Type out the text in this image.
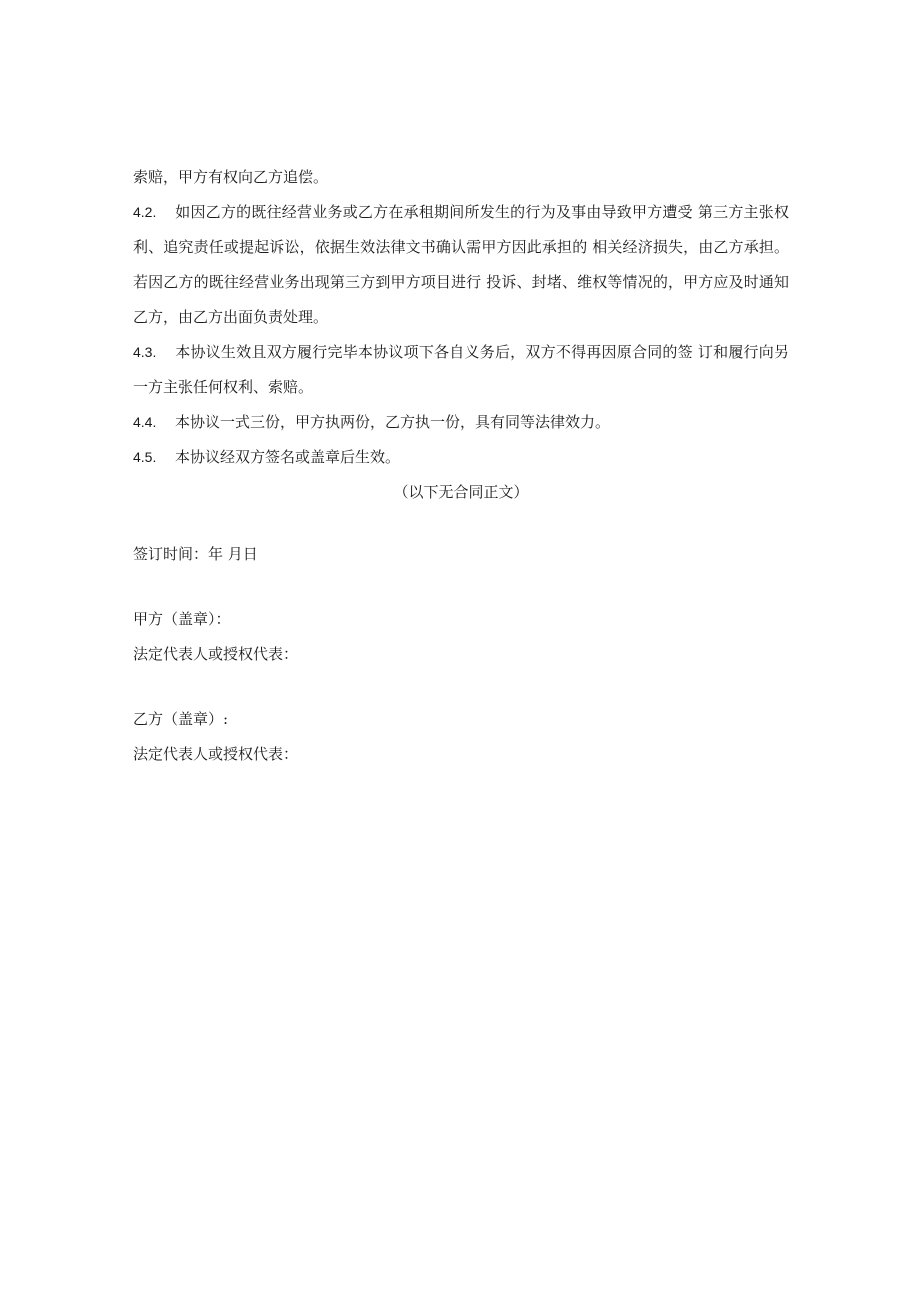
索赔，甲方有权向乙方追偿。

4.2. 如因乙方的既往经营业务或乙方在承租期间所发生的行为及事由导致甲方遭受 第三方主张权利、追究责任或提起诉讼，依据生效法律文书确认需甲方因此承担的 相关经济损失，由乙方承担。若因乙方的既往经营业务出现第三方到甲方项目进行 投诉、封堵、维权等情况的，甲方应及时通知乙方，由乙方出面负责处理。

4.3. 本协议生效且双方履行完毕本协议项下各自义务后，双方不得再因原合同的签 订和履行向另一方主张任何权利、索赔。

4.4. 本协议一式三份，甲方执两份，乙方执一份，具有同等法律效力。

4.5. 本协议经双方签名或盖章后生效。

（以下无合同正文）

签订时间：年 月日

甲方（盖章）：

法定代表人或授权代表：

乙方（盖章）:

法定代表人或授权代表：
